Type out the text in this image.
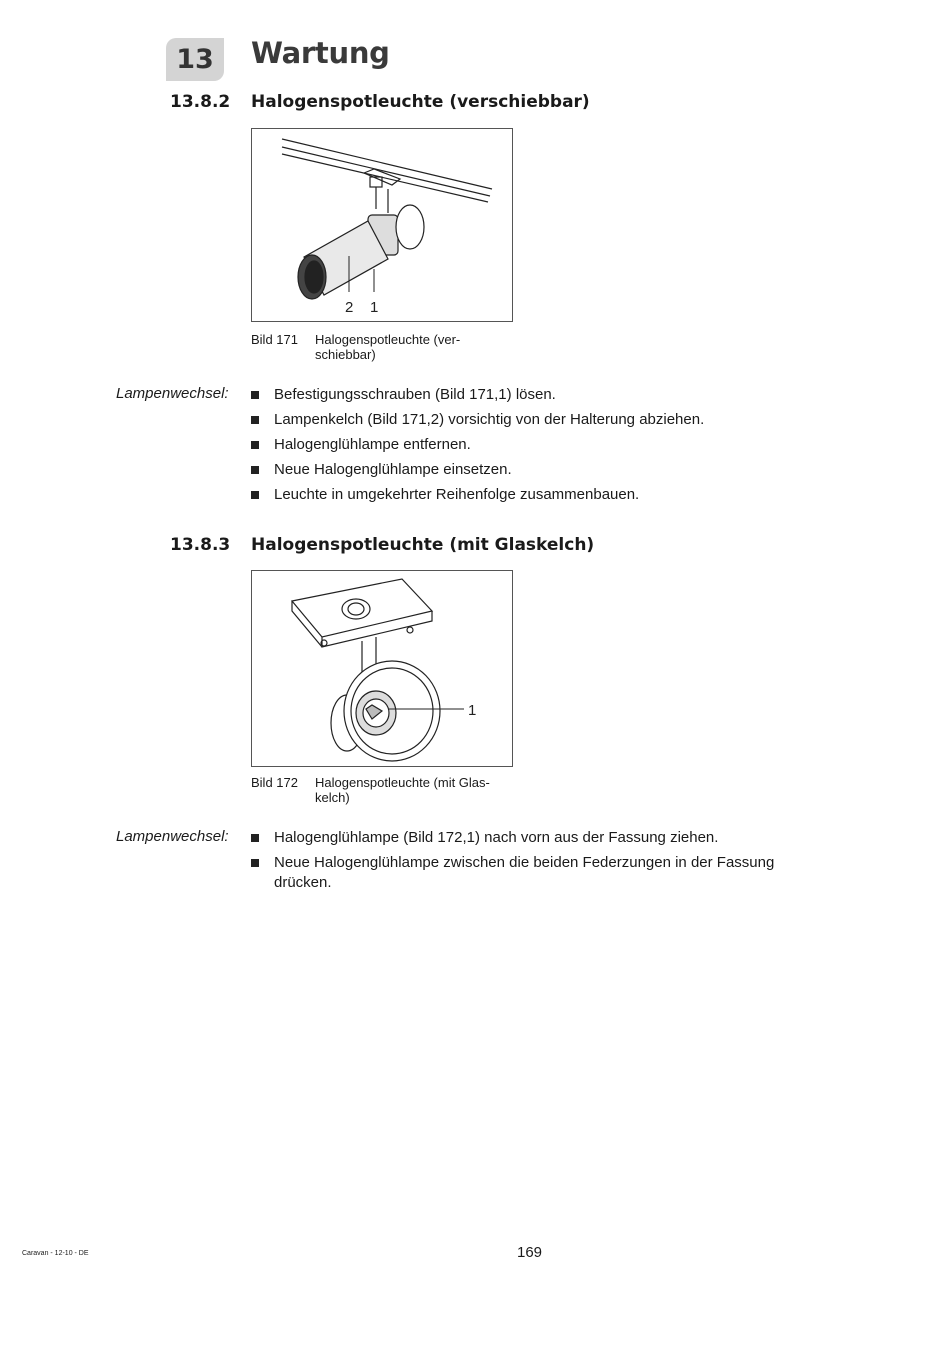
13	Wartung
13.8.2 Halogenspotleuchte (verschiebbar)
2 1
Bild 171 Halogenspotleuchte (ver-
schiebbar)
Lampenwechsel:	Befestigungsschrauben (Bild 171,1) lösen.
Lampenkelch (Bild 171,2) vorsichtig von der Halterung abziehen.
Halogenglühlampe entfernen.
Neue Halogenglühlampe einsetzen.
Leuchte in umgekehrter Reihenfolge zusammenbauen.
13.8.3 Halogenspotleuchte (mit Glaskelch)
1
Bild 172 Halogenspotleuchte (mit Glas-
kelch)
Lampenwechsel:	Halogenglühlampe (Bild 172,1) nach vorn aus der Fassung ziehen.
Neue Halogenglühlampe zwischen die beiden Federzungen in der Fassung drücken.
Caravan - 12-10 - DE	169
